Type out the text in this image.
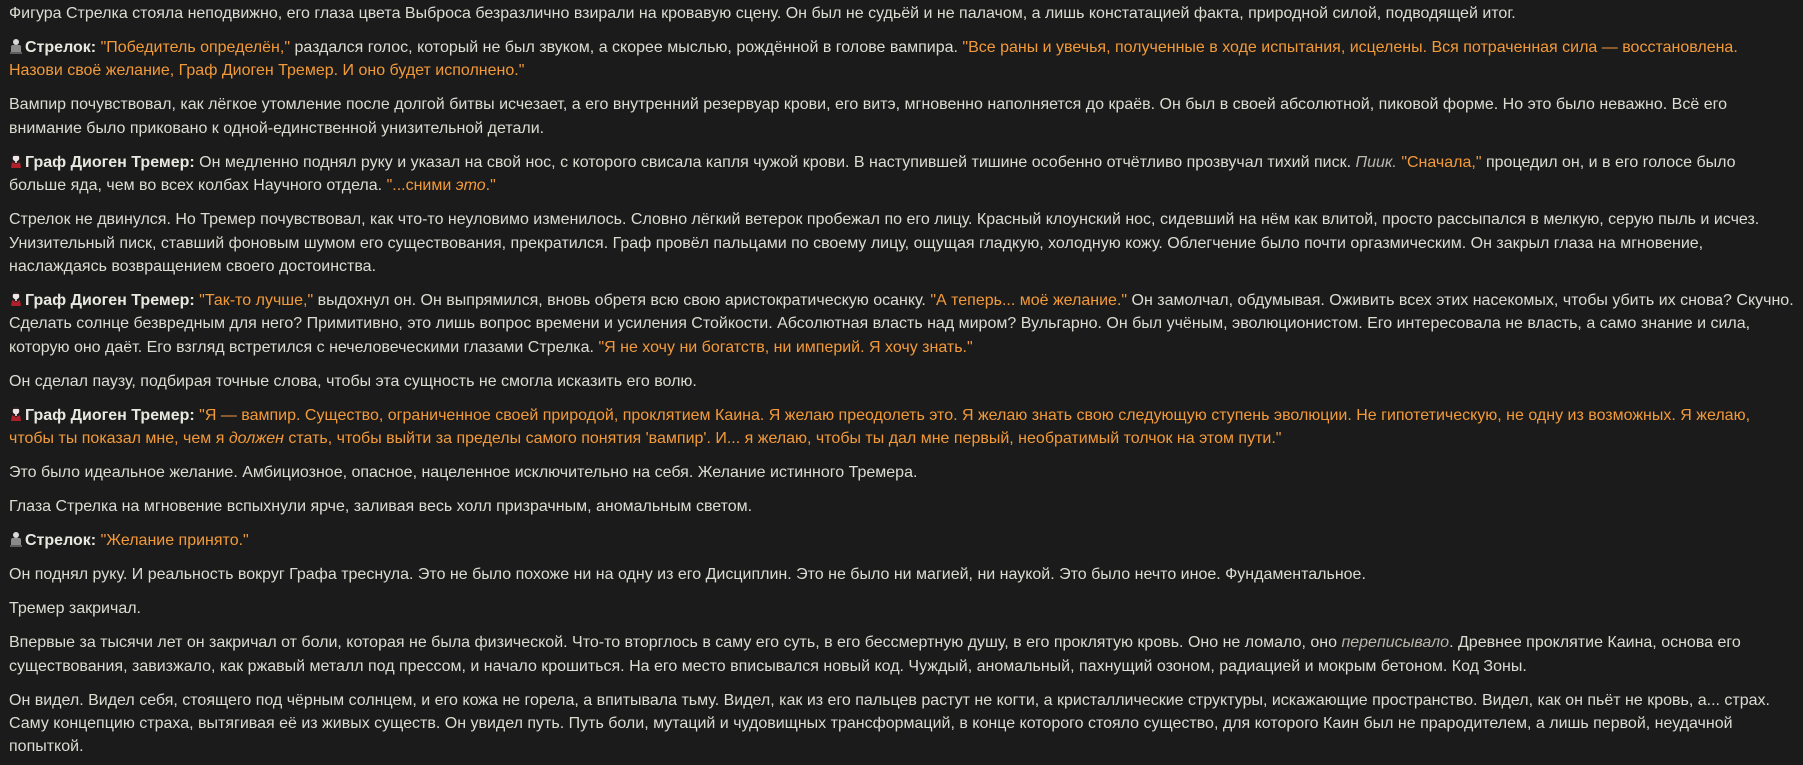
Фигура Стрелка стояла неподвижно, его глаза цвета Выброса безразлично взирали на кровавую сцену. Он был не судьёй и не палачом, а лишь констатацией факта, природной силой, подводящей итог.

Стрелок: "Победитель определён," раздался голос, который не был звуком, а скорее мыслью, рождённой в голове вампира. "Все раны и увечья, полученные в ходе испытания, исцелены. Вся потраченная сила — восстановлена. Назови своё желание, Граф Диоген Тремер. И оно будет исполнено."

Вампир почувствовал, как лёгкое утомление после долгой битвы исчезает, а его внутренний резервуар крови, его витэ, мгновенно наполняется до краёв. Он был в своей абсолютной, пиковой форме. Но это было неважно. Всё его внимание было приковано к одной-единственной унизительной детали.

Граф Диоген Тремер: Он медленно поднял руку и указал на свой нос, с которого свисала капля чужой крови. В наступившей тишине особенно отчётливо прозвучал тихий писк. Пиик. "Сначала," процедил он, и в его голосе было больше яда, чем во всех колбах Научного отдела. "...сними это."

Стрелок не двинулся. Но Тремер почувствовал, как что-то неуловимо изменилось. Словно лёгкий ветерок пробежал по его лицу. Красный клоунский нос, сидевший на нём как влитой, просто рассыпался в мелкую, серую пыль и исчез. Унизительный писк, ставший фоновым шумом его существования, прекратился. Граф провёл пальцами по своему лицу, ощущая гладкую, холодную кожу. Облегчение было почти оргазмическим. Он закрыл глаза на мгновение, наслаждаясь возвращением своего достоинства.

Граф Диоген Тремер: "Так-то лучше," выдохнул он. Он выпрямился, вновь обретя всю свою аристократическую осанку. "А теперь... моё желание." Он замолчал, обдумывая. Оживить всех этих насекомых, чтобы убить их снова? Скучно. Сделать солнце безвредным для него? Примитивно, это лишь вопрос времени и усиления Стойкости. Абсолютная власть над миром? Вульгарно. Он был учёным, эволюционистом. Его интересовала не власть, а само знание и сила, которую оно даёт. Его взгляд встретился с нечеловеческими глазами Стрелка. "Я не хочу ни богатств, ни империй. Я хочу знать."

Он сделал паузу, подбирая точные слова, чтобы эта сущность не смогла исказить его волю.

Граф Диоген Тремер: "Я — вампир. Существо, ограниченное своей природой, проклятием Каина. Я желаю преодолеть это. Я желаю знать свою следующую ступень эволюции. Не гипотетическую, не одну из возможных. Я желаю, чтобы ты показал мне, чем я должен стать, чтобы выйти за пределы самого понятия 'вампир'. И... я желаю, чтобы ты дал мне первый, необратимый толчок на этом пути."

Это было идеальное желание. Амбициозное, опасное, нацеленное исключительно на себя. Желание истинного Тремера.

Глаза Стрелка на мгновение вспыхнули ярче, заливая весь холл призрачным, аномальным светом.

Стрелок: "Желание принято."

Он поднял руку. И реальность вокруг Графа треснула. Это не было похоже ни на одну из его Дисциплин. Это не было ни магией, ни наукой. Это было нечто иное. Фундаментальное.

Тремер закричал.

Впервые за тысячи лет он закричал от боли, которая не была физической. Что-то вторглось в саму его суть, в его бессмертную душу, в его проклятую кровь. Оно не ломало, оно переписывало. Древнее проклятие Каина, основа его существования, завизжало, как ржавый металл под прессом, и начало крошиться. На его место вписывался новый код. Чуждый, аномальный, пахнущий озоном, радиацией и мокрым бетоном. Код Зоны.

Он видел. Видел себя, стоящего под чёрным солнцем, и его кожа не горела, а впитывала тьму. Видел, как из его пальцев растут не когти, а кристаллические структуры, искажающие пространство. Видел, как он пьёт не кровь, а... страх. Саму концепцию страха, вытягивая её из живых существ. Он увидел путь. Путь боли, мутаций и чудовищных трансформаций, в конце которого стояло существо, для которого Каин был не прародителем, а лишь первой, неудачной попыткой.
